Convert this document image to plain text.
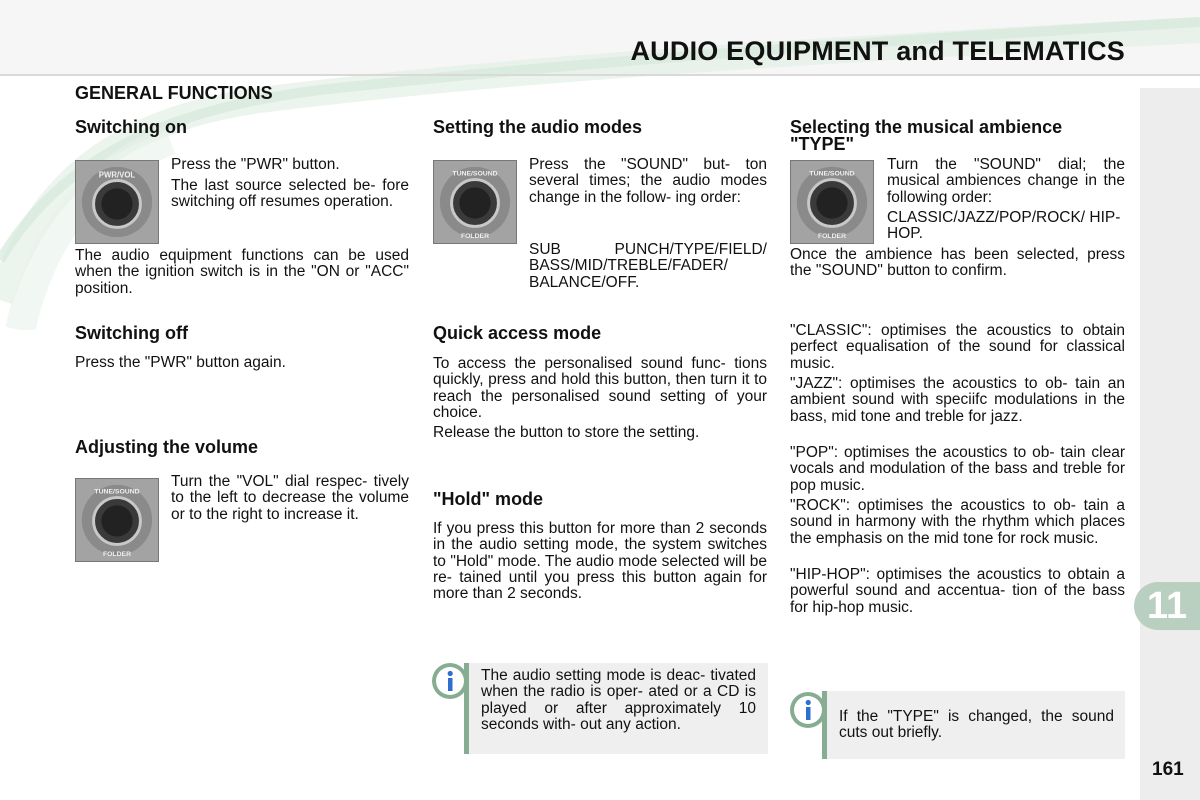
AUDIO EQUIPMENT and TELEMATICS
GENERAL FUNCTIONS
Switching on
PWR/VOL
Press the "PWR" button.
The last source selected be- fore switching off resumes operation.
The audio equipment functions can be used when the ignition switch is in the "ON or "ACC" position.
Switching off
Press the "PWR" button again.
Adjusting the volume
TUNE/SOUND
FOLDER
Turn the "VOL" dial respec- tively to the left to decrease the volume or to the right to increase it.
Setting the audio modes
TUNE/SOUND
FOLDER
Press the "SOUND" but- ton several times; the audio modes change in the follow- ing order:
SUB PUNCH/TYPE/FIELD/ BASS/MID/TREBLE/FADER/ BALANCE/OFF.
Quick access mode
To access the personalised sound func- tions quickly, press and hold this button, then turn it to reach the personalised sound setting of your choice.
Release the button to store the setting.
"Hold" mode
If you press this button for more than 2 seconds in the audio setting mode, the system switches to "Hold" mode. The audio mode selected will be re- tained until you press this button again for more than 2 seconds.
The audio setting mode is deac- tivated when the radio is oper- ated or a CD is played or after approximately 10 seconds with- out any action.
Selecting the musical ambience
"TYPE"
TUNE/SOUND
FOLDER
Turn the "SOUND" dial; the musical ambiences change in the following order:
CLASSIC/JAZZ/POP/ROCK/ HIP-HOP.
Once the ambience has been selected, press the "SOUND" button to confirm.
"CLASSIC": optimises the acoustics to obtain perfect equalisation of the sound for classical music.
"JAZZ": optimises the acoustics to ob- tain an ambient sound with speciifc modulations in the bass, mid tone and treble for jazz.
"POP": optimises the acoustics to ob- tain clear vocals and modulation of the bass and treble for pop music.
"ROCK": optimises the acoustics to ob- tain a sound in harmony with the rhythm which places the emphasis on the mid tone for rock music.
"HIP-HOP": optimises the acoustics to obtain a powerful sound and accentua- tion of the bass for hip-hop music.
If the "TYPE" is changed, the sound cuts out briefly.
11
161
